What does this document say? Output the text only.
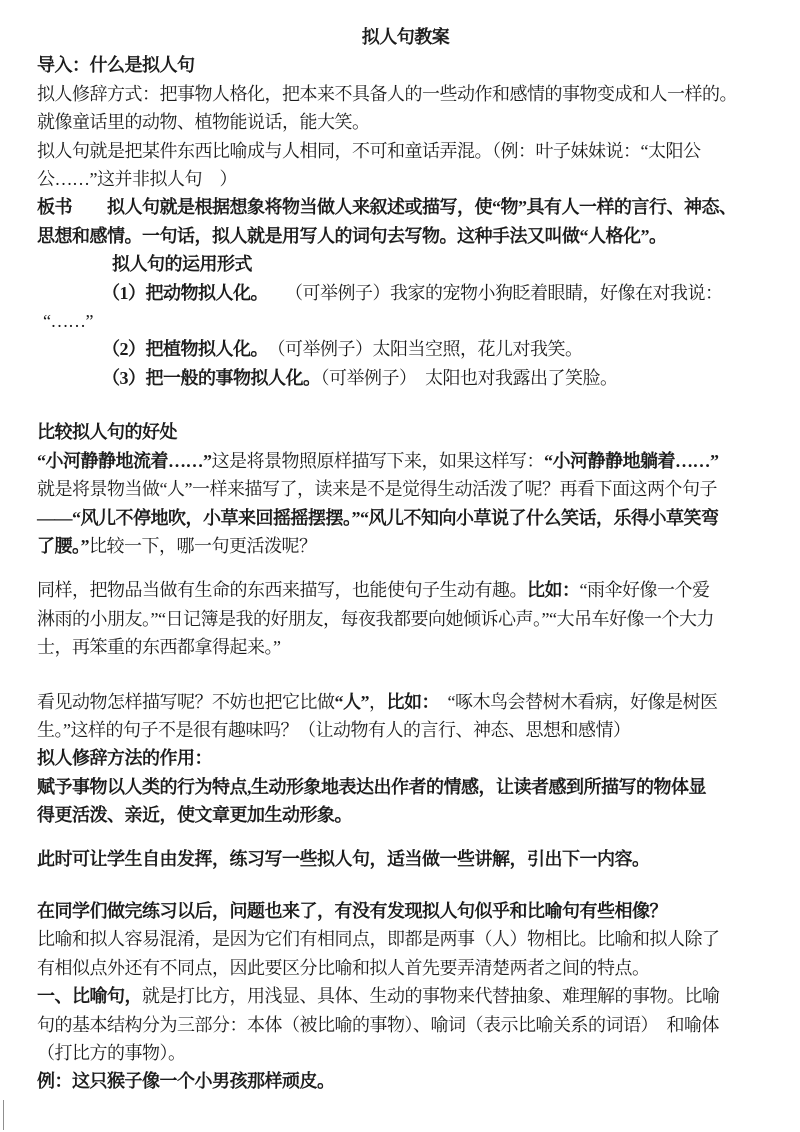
拟人句教案
导入：什么是拟人句
拟人修辞方式：把事物人格化，把本来不具备人的一些动作和感情的事物变成和人一样的。
就像童话里的动物、植物能说话，能大笑。
拟人句就是把某件东西比喻成与人相同，不可和童话弄混。（例：叶子妹妹说：“太阳公
公……”这并非拟人句　）
板书　　拟人句就是根据想象将物当做人来叙述或描写，使“物”具有人一样的言行、神态、
思想和感情。一句话，拟人就是用写人的词句去写物。这种手法又叫做“人格化”。
拟人句的运用形式
（1）把动物拟人化。　　（可举例子）我家的宠物小狗眨着眼睛，好像在对我说：
“……”
（2）把植物拟人化。　（可举例子）太阳当空照，花儿对我笑。
（3）把一般的事物拟人化。（可举例子）　太阳也对我露出了笑脸。
比较拟人句的好处
“小河静静地流着……”这是将景物照原样描写下来，如果这样写：“小河静静地躺着……”
就是将景物当做“人”一样来描写了，读来是不是觉得生动活泼了呢？再看下面这两个句子
——“风儿不停地吹，小草来回摇摇摆摆。”“风儿不知向小草说了什么笑话，乐得小草笑弯
了腰。”比较一下，哪一句更活泼呢？
同样，把物品当做有生命的东西来描写，也能使句子生动有趣。比如：“雨伞好像一个爱
淋雨的小朋友。”“日记簿是我的好朋友，每夜我都要向她倾诉心声。”“大吊车好像一个大力
士，再笨重的东西都拿得起来。”
看见动物怎样描写呢？不妨也把它比做“人”，比如：　“啄木鸟会替树木看病，好像是树医
生。”这样的句子不是很有趣味吗？（让动物有人的言行、神态、思想和感情）
拟人修辞方法的作用：
赋予事物以人类的行为特点,生动形象地表达出作者的情感，让读者感到所描写的物体显
得更活泼、亲近，使文章更加生动形象。
此时可让学生自由发挥，练习写一些拟人句，适当做一些讲解，引出下一内容。
在同学们做完练习以后，问题也来了，有没有发现拟人句似乎和比喻句有些相像？
比喻和拟人容易混淆，是因为它们有相同点，即都是两事（人）物相比。比喻和拟人除了
有相似点外还有不同点，因此要区分比喻和拟人首先要弄清楚两者之间的特点。
一、比喻句，就是打比方，用浅显、具体、生动的事物来代替抽象、难理解的事物。比喻
句的基本结构分为三部分：本体（被比喻的事物）、喻词（表示比喻关系的词语）　和喻体
（打比方的事物）。
例：这只猴子像一个小男孩那样顽皮。
